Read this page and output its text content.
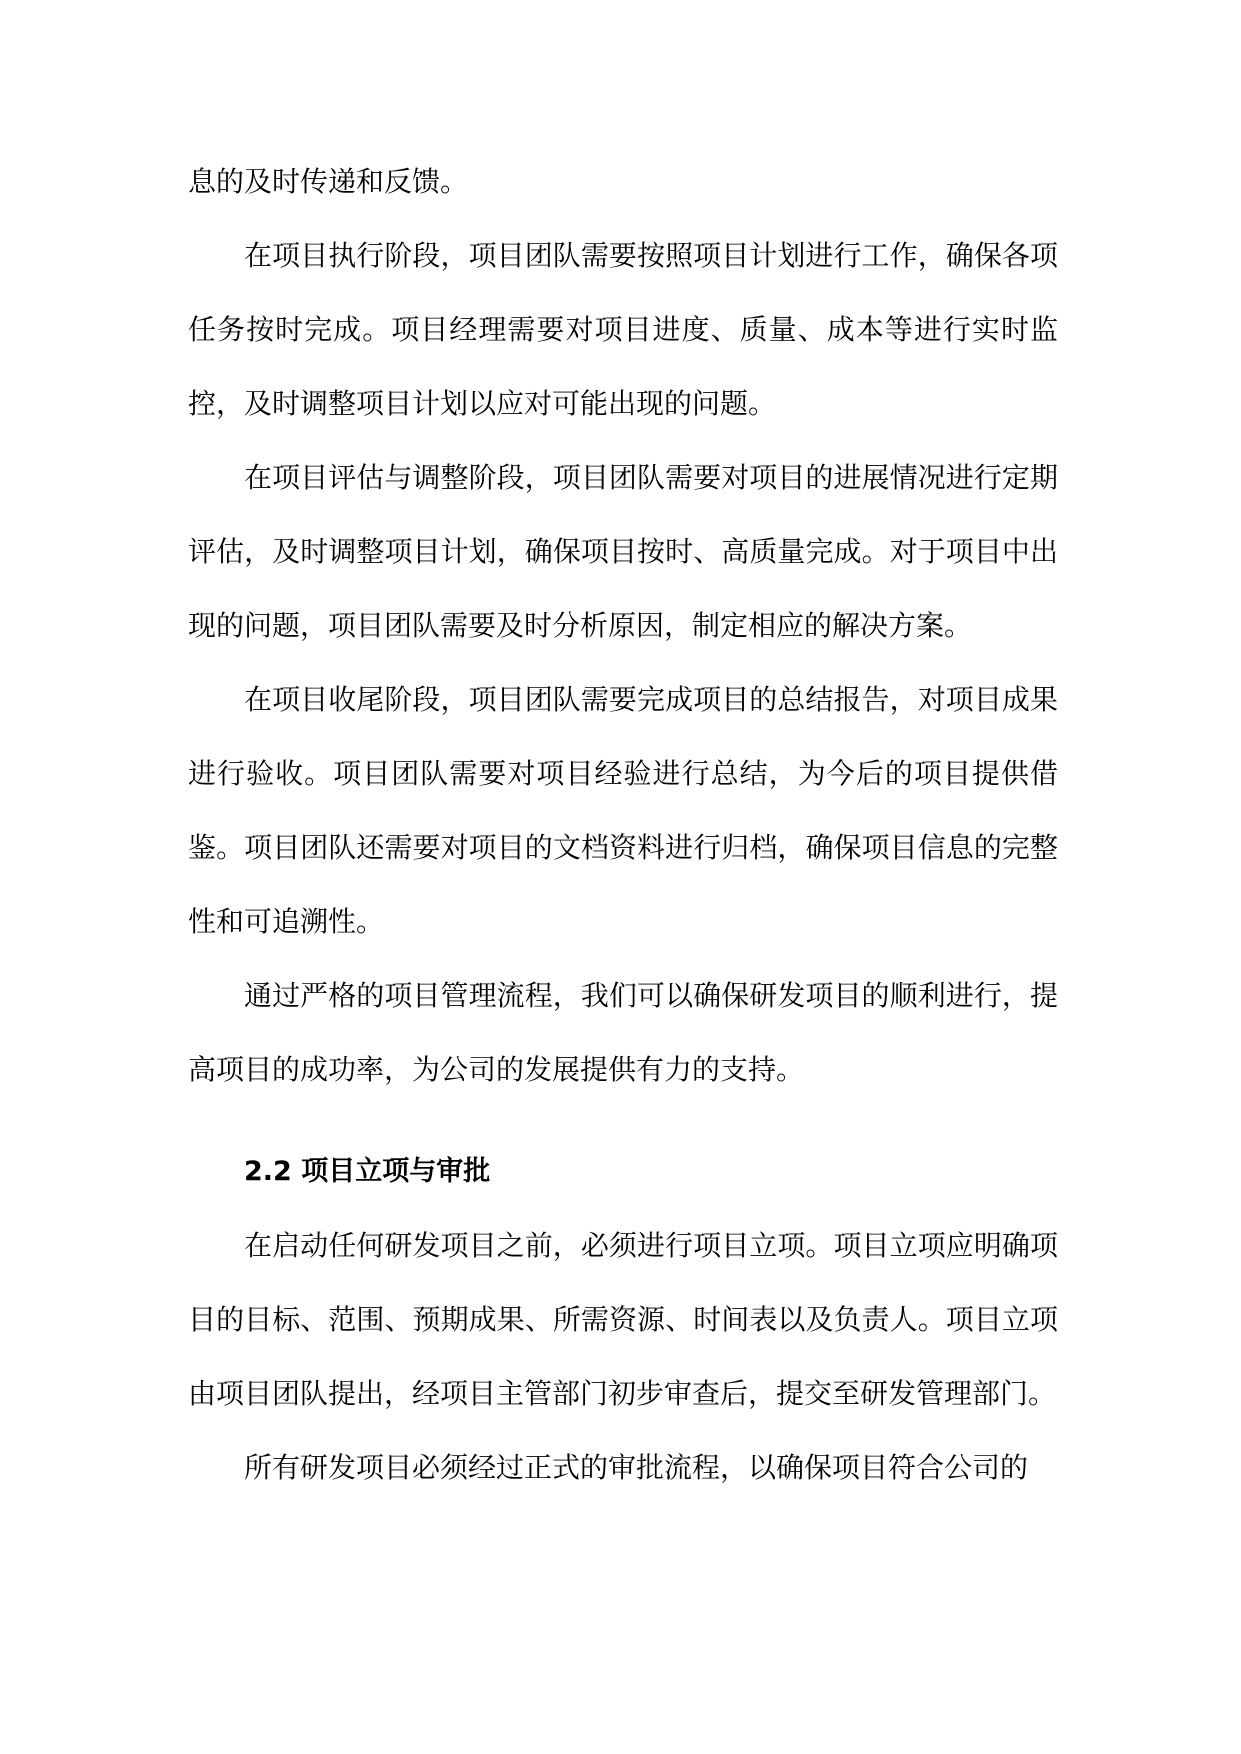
息的及时传递和反馈。

在项目执行阶段，项目团队需要按照项目计划进行工作，确保各项任务按时完成。项目经理需要对项目进度、质量、成本等进行实时监控，及时调整项目计划以应对可能出现的问题。

在项目评估与调整阶段，项目团队需要对项目的进展情况进行定期评估，及时调整项目计划，确保项目按时、高质量完成。对于项目中出现的问题，项目团队需要及时分析原因，制定相应的解决方案。

在项目收尾阶段，项目团队需要完成项目的总结报告，对项目成果进行验收。项目团队需要对项目经验进行总结，为今后的项目提供借鉴。项目团队还需要对项目的文档资料进行归档，确保项目信息的完整性和可追溯性。

通过严格的项目管理流程，我们可以确保研发项目的顺利进行，提高项目的成功率，为公司的发展提供有力的支持。

2.2 项目立项与审批

在启动任何研发项目之前，必须进行项目立项。项目立项应明确项目的目标、范围、预期成果、所需资源、时间表以及负责人。项目立项由项目团队提出，经项目主管部门初步审查后，提交至研发管理部门。

所有研发项目必须经过正式的审批流程，以确保项目符合公司的
